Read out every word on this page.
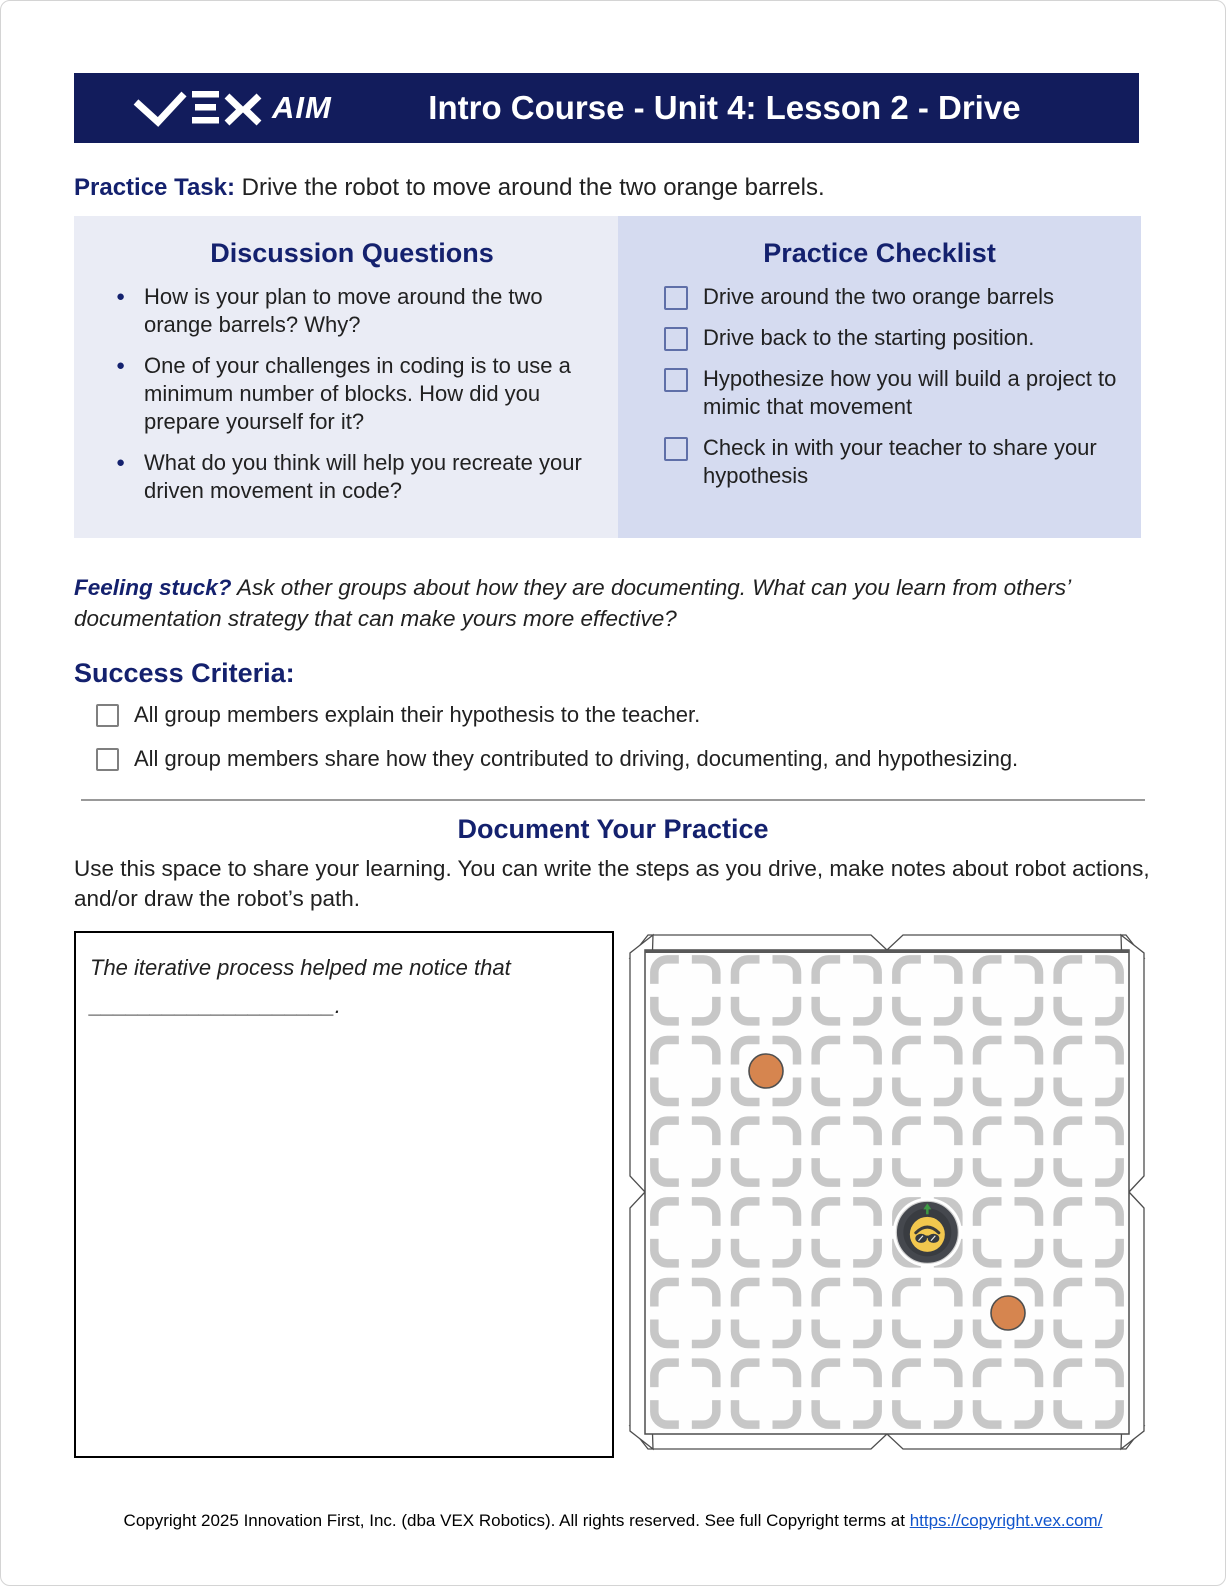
AIM	Intro Course - Unit 4: Lesson 2 - Drive

Practice Task: Drive the robot to move around the two orange barrels.

Discussion Questions
● How is your plan to move around the two orange barrels? Why?
● One of your challenges in coding is to use a minimum number of blocks. How did you prepare yourself for it?
● What do you think will help you recreate your driven movement in code?
Practice Checklist
Drive around the two orange barrels
Drive back to the starting position.
Hypothesize how you will build a project to mimic that movement
Check in with your teacher to share your hypothesis

Feeling stuck? Ask other groups about how they are documenting. What can you learn from others’ documentation strategy that can make yours more effective?

Success Criteria:
All group members explain their hypothesis to the teacher.
All group members share how they contributed to driving, documenting, and hypothesizing.
Document Your Practice

Use this space to share your learning. You can write the steps as you drive, make notes about robot actions, and/or draw the robot’s path.

The iterative process helped me notice that ____________________.

Copyright 2025 Innovation First, Inc. (dba VEX Robotics). All rights reserved. See full Copyright terms at https://copyright.vex.com/
